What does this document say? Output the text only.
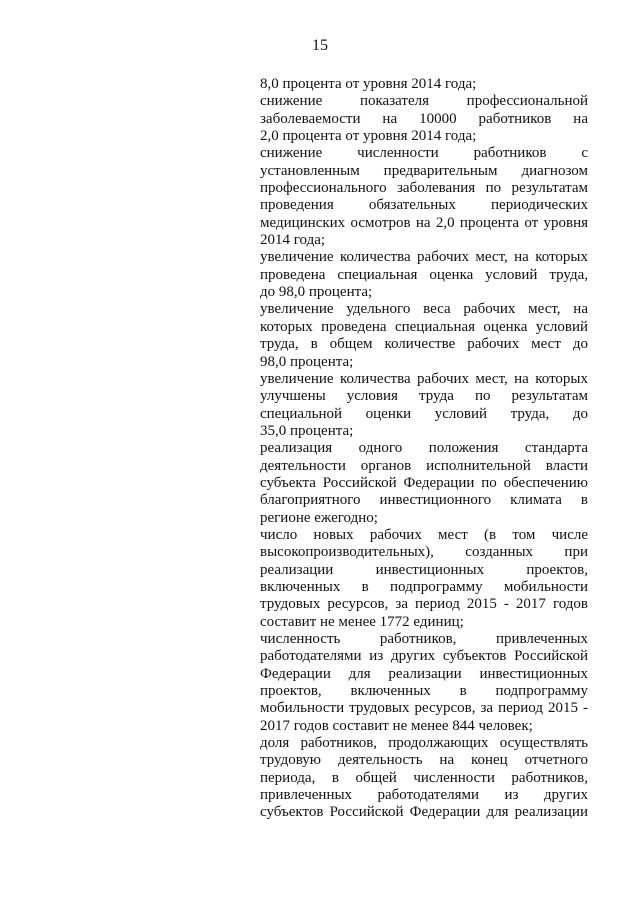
15
8,0 процента от уровня 2014 года;
снижение показателя профессиональной
заболеваемости на 10000 работников на
2,0 процента от уровня 2014 года;
снижение численности работников с
установленным предварительным диагнозом
профессионального заболевания по результатам
проведения обязательных периодических
медицинских осмотров на 2,0 процента от уровня
2014 года;
увеличение количества рабочих мест, на которых
проведена специальная оценка условий труда,
до 98,0 процента;
увеличение удельного веса рабочих мест, на
которых проведена специальная оценка условий
труда, в общем количестве рабочих мест до
98,0 процента;
увеличение количества рабочих мест, на которых
улучшены условия труда по результатам
специальной оценки условий труда, до
35,0 процента;
реализация одного положения стандарта
деятельности органов исполнительной власти
субъекта Российской Федерации по обеспечению
благоприятного инвестиционного климата в
регионе ежегодно;
число новых рабочих мест (в том числе
высокопроизводительных), созданных при
реализации инвестиционных проектов,
включенных в подпрограмму мобильности
трудовых ресурсов, за период 2015 - 2017 годов
составит не менее 1772 единиц;
численность работников, привлеченных
работодателями из других субъектов Российской
Федерации для реализации инвестиционных
проектов, включенных в подпрограмму
мобильности трудовых ресурсов, за период 2015 -
2017 годов составит не менее 844 человек;
доля работников, продолжающих осуществлять
трудовую деятельность на конец отчетного
периода, в общей численности работников,
привлеченных работодателями из других
субъектов Российской Федерации для реализации
